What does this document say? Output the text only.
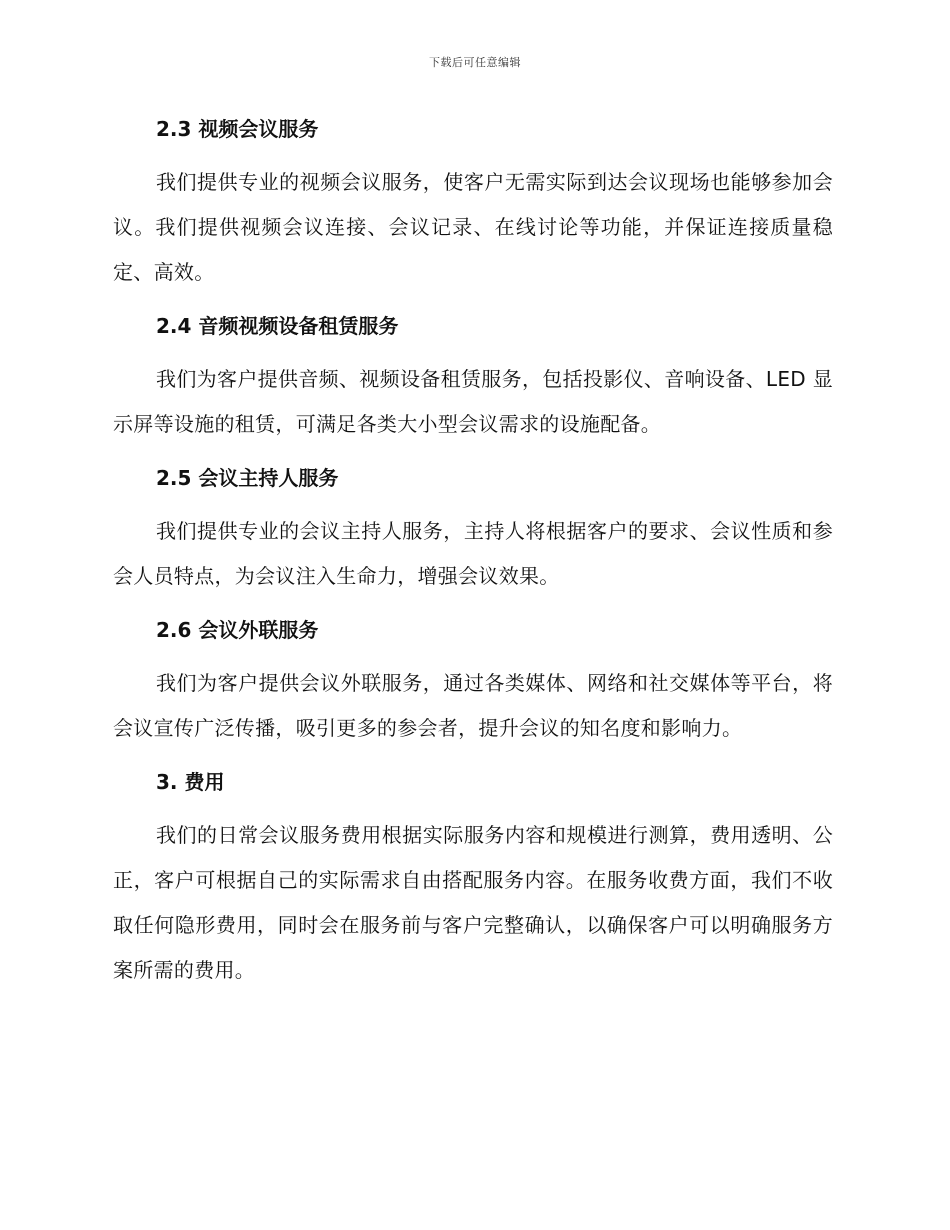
下载后可任意编辑
2.3 视频会议服务

我们提供专业的视频会议服务，使客户无需实际到达会议现场也能够参加会议。我们提供视频会议连接、会议记录、在线讨论等功能，并保证连接质量稳定、高效。

2.4 音频视频设备租赁服务

我们为客户提供音频、视频设备租赁服务，包括投影仪、音响设备、LED 显示屏等设施的租赁，可满足各类大小型会议需求的设施配备。

2.5 会议主持人服务

我们提供专业的会议主持人服务，主持人将根据客户的要求、会议性质和参会人员特点，为会议注入生命力，增强会议效果。

2.6 会议外联服务

我们为客户提供会议外联服务，通过各类媒体、网络和社交媒体等平台，将会议宣传广泛传播，吸引更多的参会者，提升会议的知名度和影响力。

3. 费用

我们的日常会议服务费用根据实际服务内容和规模进行测算，费用透明、公正，客户可根据自己的实际需求自由搭配服务内容。在服务收费方面，我们不收取任何隐形费用，同时会在服务前与客户完整确认，以确保客户可以明确服务方案所需的费用。
